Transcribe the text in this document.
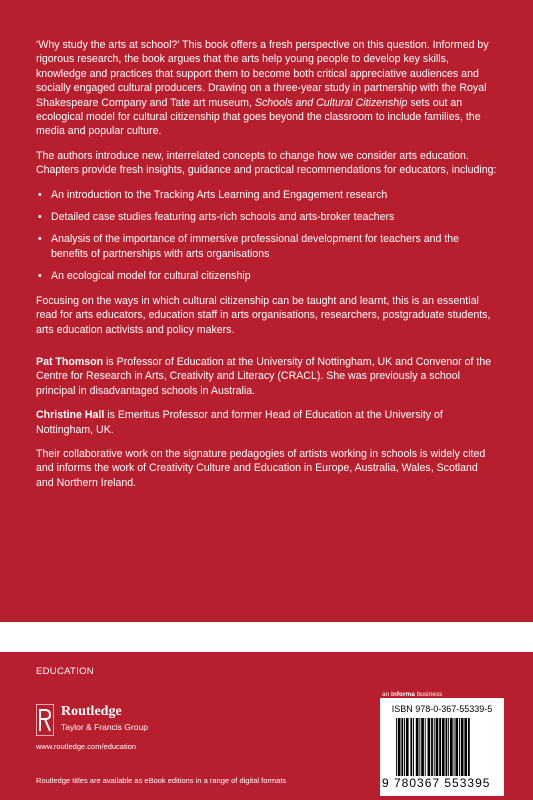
‘Why study the arts at school?’ This book offers a fresh perspective on this question. Informed by rigorous research, the book argues that the arts help young people to develop key skills, knowledge and practices that support them to become both critical appreciative audiences and socially engaged cultural producers. Drawing on a three-year study in partnership with the Royal Shakespeare Company and Tate art museum, Schools and Cultural Citizenship sets out an ecological model for cultural citizenship that goes beyond the classroom to include families, the media and popular culture.

The authors introduce new, interrelated concepts to change how we consider arts education. Chapters provide fresh insights, guidance and practical recommendations for educators, including:

• An introduction to the Tracking Arts Learning and Engagement research
• Detailed case studies featuring arts-rich schools and arts-broker teachers
• Analysis of the importance of immersive professional development for teachers and the benefits of partnerships with arts organisations
• An ecological model for cultural citizenship

Focusing on the ways in which cultural citizenship can be taught and learnt, this is an essential read for arts educators, education staff in arts organisations, researchers, postgraduate students, arts education activists and policy makers.

Pat Thomson is Professor of Education at the University of Nottingham, UK and Convenor of the Centre for Research in Arts, Creativity and Literacy (CRACL). She was previously a school principal in disadvantaged schools in Australia.

Christine Hall is Emeritus Professor and former Head of Education at the University of Nottingham, UK.

Their collaborative work on the signature pedagogies of artists working in schools is widely cited and informs the work of Creativity Culture and Education in Europe, Australia, Wales, Scotland and Northern Ireland.

EDUCATION
an informa business
Routledge
Taylor & Francis Group
www.routledge.com/education
Routledge titles are available as eBook editions in a range of digital formats
ISBN 978-0-367-55339-5
9 780367 553395
